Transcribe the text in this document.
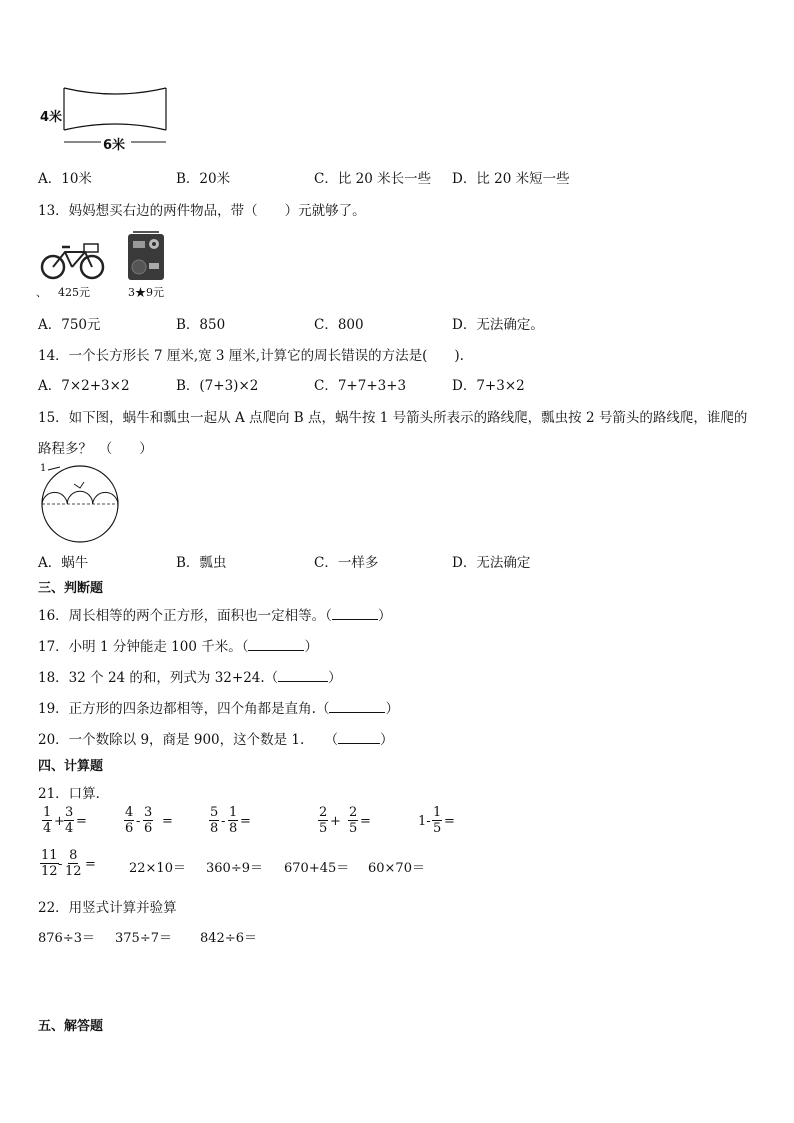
4米
6米
A．10米	B．20米	C．比 20 米长一些 D．比 20 米短一些
13．妈妈想买右边的两件物品，带（　　）元就够了。
、 425元	3★9元
A．750元	B．850	C．800	D．无法确定。
14．一个长方形长 7 厘米,宽 3 厘米,计算它的周长错误的方法是(　　).
A．7×2+3×2	B．(7+3)×2	C．7+7+3+3	D．7+3×2
15．如下图，蜗牛和瓢虫一起从 A 点爬向 B 点，蜗牛按 1 号箭头所表示的路线爬，瓢虫按 2 号箭头的路线爬，谁爬的
路程多？　（　　）
1
A．蜗牛	B．瓢虫	C．一样多	D．无法确定
三、判断题
16．周长相等的两个正方形，面积也一定相等。（	）
17．小明 1 分钟能走 100 千米。（	）
18．32 个 24 的和，列式为 32+24.（	）
19．正方形的四条边都相等，四个角都是直角.（	）
20．一个数除以 9，商是 900，这个数是 1.　　（	）
四、计算题
21．口算．
$\frac{1}{4} + \frac{3}{4}$ =	$\frac{4}{6} - \frac{3}{6}$ =	$\frac{5}{8} - \frac{1}{8}$ =	$\frac{2}{5} + \frac{2}{5}$ =	$1- \frac{1}{5}$ =
$\frac{11}{12} - \frac{8}{12}$ =	22×10＝ 360÷9＝ 670+45＝ 60×70＝
22．用竖式计算并验算
876÷3＝ 375÷7＝ 842÷6＝
五、解答题
